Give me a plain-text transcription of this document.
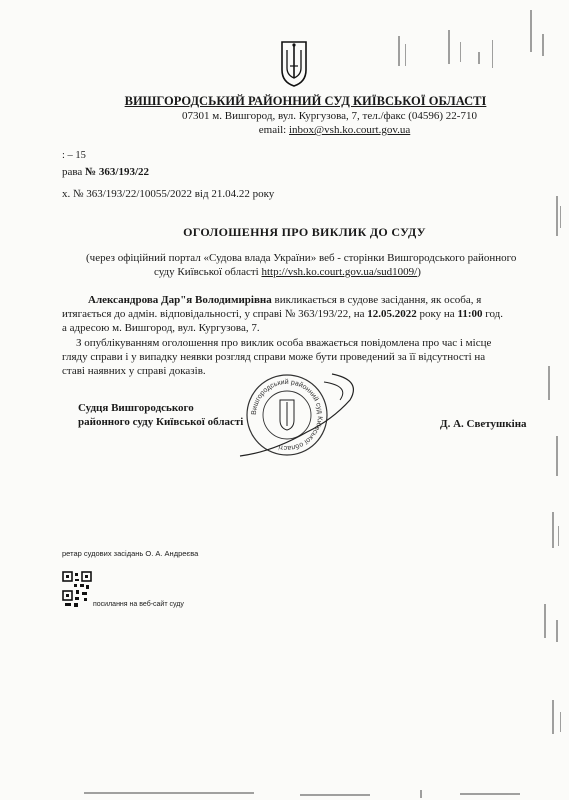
ВИШГОРОДСЬКИЙ РАЙОННИЙ СУД КИЇВСЬКОЇ ОБЛАСТІ
07301 м. Вишгород, вул. Кургузова, 7, тел./факс (04596) 22-710
email: inbox@vsh.ko.court.gov.ua
: – 15
рава № 363/193/22
х. № 363/193/22/10055/2022 від 21.04.22 року
ОГОЛОШЕННЯ ПРО ВИКЛИК ДО СУДУ
(через офіційний портал «Судова влада України» веб - сторінки Вишгородського районного
суду Київської області http://vsh.ko.court.gov.ua/sud1009/)
Александрова Дар"я Володимирівна викликається в судове засідання, як особа, я
итягається до адмін. відповідальності, у справі № 363/193/22, на 12.05.2022 року на 11:00 год.
а адресою м. Вишгород, вул. Кургузова, 7.
З опублікуванням оголошення про виклик особа вважається повідомлена про час і місце
гляду справи і у випадку неявки розгляд справи може бути проведений за її відсутності на
ставі наявних у справі доказів.
Вишгородський районний суд Київської області
Судця Вишгородського
районного суду Київської області	Д. А. Светушкіна
ретар судових засідань О. А. Андреєва
посилання на веб-сайт суду
